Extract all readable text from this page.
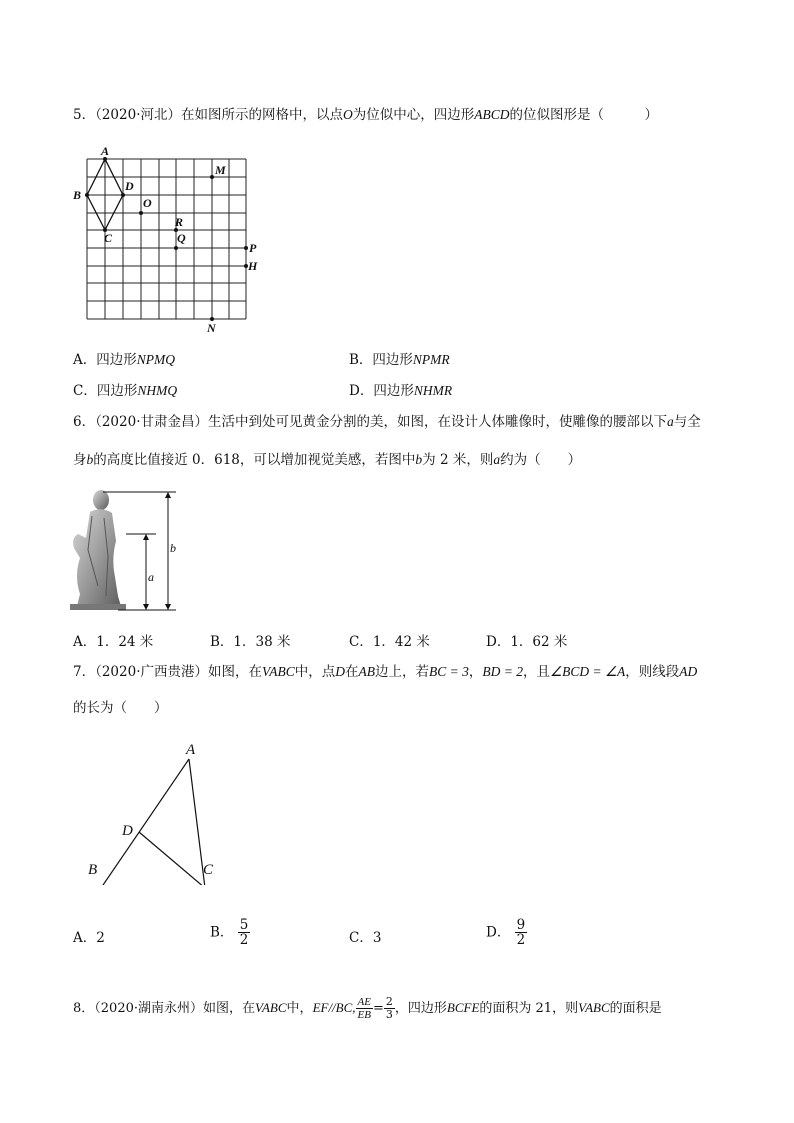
5．（2020·河北）在如图所示的网格中，以点O为位似中心，四边形ABCD的位似图形是（　　　）
A
B
C
D
O
M
R
Q
P
H
N
A．四边形NPMQ	B．四边形NPMR
C．四边形NHMQ	D．四边形NHMR
6．（2020·甘肃金昌）生活中到处可见黄金分割的美，如图，在设计人体雕像时，使雕像的腰部以下a与全
身b的高度比值接近 0．618，可以增加视觉美感，若图中b为 2 米，则a约为（　　）
b
a
A．1．24 米	B．1．38 米	C．1．42 米	D．1．62 米
7．（2020·广西贵港）如图，在VABC中，点D在AB边上，若BC = 3，BD = 2，且∠BCD = ∠A，则线段AD
的长为（　　）
A
D
B	C
A．2	B． $\frac{5}{2}$	C．3	D． $\frac{9}{2}$
8．（2020·湖南永州）如图，在VABC中，EF//BC, $\frac{AE}{EB} = \frac{2}{3}$ ，四边形BCFE的面积为 21，则VABC的面积是
